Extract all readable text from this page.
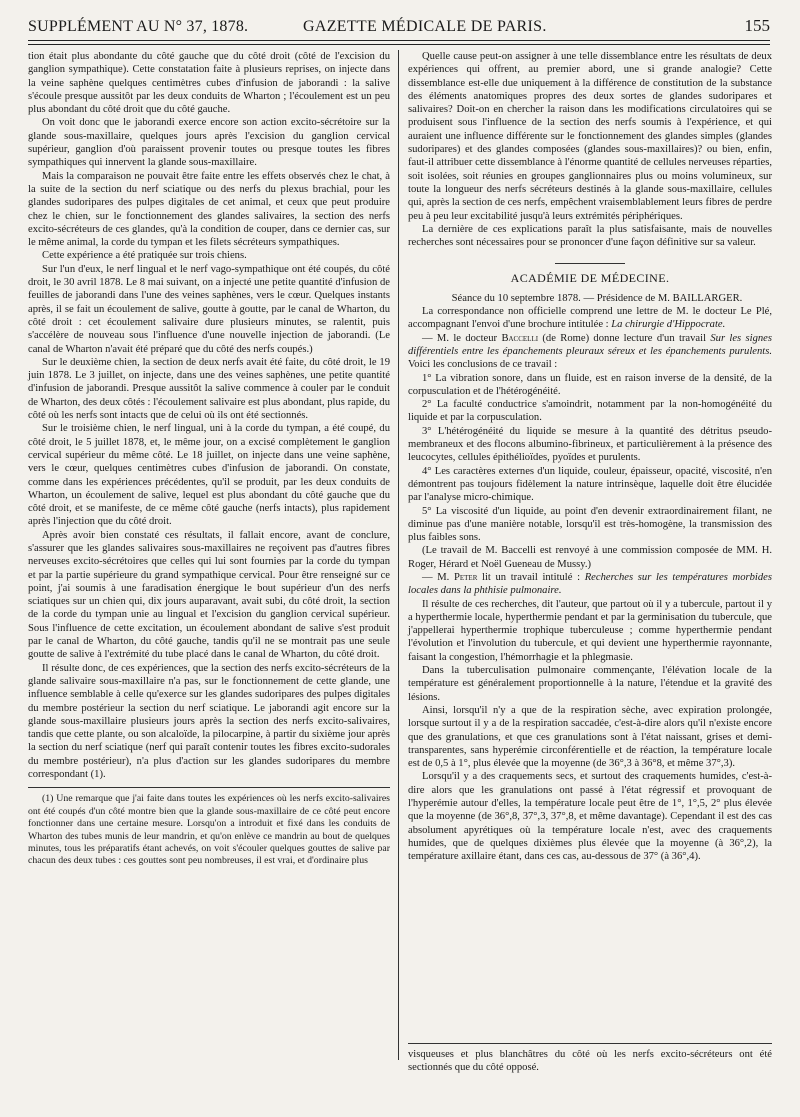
SUPPLÉMENT AU N° 37, 1878.	GAZETTE MÉDICALE DE PARIS.	155

tion était plus abondante du côté gauche que du côté droit (côté de l'excision du ganglion sympathique). Cette constatation faite à plusieurs reprises, on injecte dans la veine saphène quelques centimètres cubes d'infusion de jaborandi : la salive s'écoule presque aussitôt par les deux conduits de Wharton ; l'écoulement est un peu plus abondant du côté droit que du côté gauche.

On voit donc que le jaborandi exerce encore son action excito-sécrétoire sur la glande sous-maxillaire, quelques jours après l'excision du ganglion cervical supérieur, ganglion d'où paraissent provenir toutes ou presque toutes les fibres sympathiques qui innervent la glande sous-maxillaire.

Mais la comparaison ne pouvait être faite entre les effets observés chez le chat, à la suite de la section du nerf sciatique ou des nerfs du plexus brachial, pour les glandes sudoripares des pulpes digitales de cet animal, et ceux que peut produire chez le chien, sur le fonctionnement des glandes salivaires, la section des nerfs excito-sécréteurs de ces glandes, qu'à la condition de couper, dans ce dernier cas, sur le même animal, la corde du tympan et les filets sécréteurs sympathiques.

Cette expérience a été pratiquée sur trois chiens.

Sur l'un d'eux, le nerf lingual et le nerf vago-sympathique ont été coupés, du côté droit, le 30 avril 1878. Le 8 mai suivant, on a injecté une petite quantité d'infusion de feuilles de jaborandi dans l'une des veines saphènes, vers le cœur. Quelques instants après, il se fait un écoulement de salive, goutte à goutte, par le canal de Wharton, du côté droit : cet écoulement salivaire dure plusieurs minutes, se ralentit, puis s'accélère de nouveau sous l'influence d'une nouvelle injection de jaborandi. (Le canal de Wharton n'avait été préparé que du côté des nerfs coupés.)

Sur le deuxième chien, la section de deux nerfs avait été faite, du côté droit, le 19 juin 1878. Le 3 juillet, on injecte, dans une des veines saphènes, une petite quantité d'infusion de jaborandi. Presque aussitôt la salive commence à couler par le conduit de Wharton, des deux côtés : l'écoulement salivaire est plus abondant, plus rapide, du côté où les nerfs sont intacts que de celui où ils ont été sectionnés.

Sur le troisième chien, le nerf lingual, uni à la corde du tympan, a été coupé, du côté droit, le 5 juillet 1878, et, le même jour, on a excisé complètement le ganglion cervical supérieur du même côté. Le 18 juillet, on injecte dans une veine saphène, vers le cœur, quelques centimètres cubes d'infusion de jaborandi. On constate, comme dans les expériences précédentes, qu'il se produit, par les deux conduits de Wharton, un écoulement de salive, lequel est plus abondant du côté gauche que du côté droit, et se manifeste, de ce même côté gauche (nerfs intacts), plus rapidement après l'injection que du côté droit.

Après avoir bien constaté ces résultats, il fallait encore, avant de conclure, s'assurer que les glandes salivaires sous-maxillaires ne reçoivent pas d'autres fibres nerveuses excito-sécrétoires que celles qui lui sont fournies par la corde du tympan et par la partie supérieure du grand sympathique cervical. Pour être renseigné sur ce point, j'ai soumis à une faradisation énergique le bout supérieur d'un des nerfs sciatiques sur un chien qui, dix jours auparavant, avait subi, du côté droit, la section de la corde du tympan unie au lingual et l'excision du ganglion cervical supérieur. Sous l'influence de cette excitation, un écoulement abondant de salive s'est produit par le canal de Wharton, du côté gauche, tandis qu'il ne se montrait pas une seule goutte de salive à l'extrémité du tube placé dans le canal de Wharton, du côté droit.

Il résulte donc, de ces expériences, que la section des nerfs excito-sécréteurs de la glande salivaire sous-maxillaire n'a pas, sur le fonctionnement de cette glande, une influence semblable à celle qu'exerce sur les glandes sudoripares des pulpes digitales du membre postérieur la section du nerf sciatique. Le jaborandi agit encore sur la glande sous-maxillaire plusieurs jours après la section des nerfs excito-salivaires, tandis que cette plante, ou son alcaloïde, la pilocarpine, à partir du sixième jour après la section du nerf sciatique (nerf qui paraît contenir toutes les fibres excito-sudorales du membre postérieur), n'a plus d'action sur les glandes sudoripares du membre correspondant (1).

(1) Une remarque que j'ai faite dans toutes les expériences où les nerfs excito-salivaires ont été coupés d'un côté montre bien que la glande sous-maxillaire de ce côté peut encore fonctionner dans une certaine mesure. Lorsqu'on a introduit et fixé dans les conduits de Wharton des tubes munis de leur mandrin, et qu'on enlève ce mandrin au bout de quelques minutes, tous les préparatifs étant achevés, on voit s'écouler quelques gouttes de salive par chacun des deux tubes : ces gouttes sont peu nombreuses, il est vrai, et d'ordinaire plus

Quelle cause peut-on assigner à une telle dissemblance entre les résultats de deux expériences qui offrent, au premier abord, une si grande analogie? Cette dissemblance est-elle due uniquement à la différence de constitution de la substance des éléments anatomiques propres des deux sortes de glandes sudoripares et salivaires? Doit-on en chercher la raison dans les modifications circulatoires qui se produisent sous l'influence de la section des nerfs soumis à l'expérience, et qui auraient une influence différente sur le fonctionnement des glandes simples (glandes sudoripares) et des glandes composées (glandes sous-maxillaires)? ou bien, enfin, faut-il attribuer cette dissemblance à l'énorme quantité de cellules nerveuses réparties, soit isolées, soit réunies en groupes ganglionnaires plus ou moins volumineux, sur toute la longueur des nerfs sécréteurs destinés à la glande sous-maxillaire, cellules qui, après la section de ces nerfs, empêchent vraisemblablement leurs fibres de perdre peu à peu leur excitabilité jusqu'à leurs extrémités périphériques.

La dernière de ces explications paraît la plus satisfaisante, mais de nouvelles recherches sont nécessaires pour se prononcer d'une façon définitive sur sa valeur.

ACADÉMIE DE MÉDECINE.

Séance du 10 septembre 1878. — Présidence de M. BAILLARGER.

La correspondance non officielle comprend une lettre de M. le docteur Le Plé, accompagnant l'envoi d'une brochure intitulée : La chirurgie d'Hippocrate.

— M. le docteur Baccelli (de Rome) donne lecture d'un travail Sur les signes différentiels entre les épanchements pleuraux séreux et les épanchements purulents. Voici les conclusions de ce travail :

1° La vibration sonore, dans un fluide, est en raison inverse de la densité, de la corpusculation et de l'hétérogénéité.

2° La faculté conductrice s'amoindrit, notamment par la non-homogénéité du liquide et par la corpusculation.

3° L'hétérogénéité du liquide se mesure à la quantité des détritus pseudo-membraneux et des flocons albumino-fibrineux, et particulièrement à la présence des leucocytes, cellules épithélioïdes, pyoïdes et purulents.

4° Les caractères externes d'un liquide, couleur, épaisseur, opacité, viscosité, n'en démontrent pas toujours fidèlement la nature intrinsèque, laquelle doit être élucidée par l'analyse micro-chimique.

5° La viscosité d'un liquide, au point d'en devenir extraordinairement filant, ne diminue pas d'une manière notable, lorsqu'il est très-homogène, la transmission des plus faibles sons.

(Le travail de M. Baccelli est renvoyé à une commission composée de MM. H. Roger, Hérard et Noël Gueneau de Mussy.)

— M. Peter lit un travail intitulé : Recherches sur les températures morbides locales dans la phthisie pulmonaire.

Il résulte de ces recherches, dit l'auteur, que partout où il y a tubercule, partout il y a hyperthermie locale, hyperthermie pendant et par la germinisation du tubercule, que j'appellerai hyperthermie trophique tuberculeuse ; comme hyperthermie pendant l'évolution et l'involution du tubercule, et qui devient une hyperthermie rayonnante, faisant la congestion, l'hémorrhagie et la phlegmasie.

Dans la tuberculisation pulmonaire commençante, l'élévation locale de la température est généralement proportionnelle à la nature, l'étendue et la gravité des lésions.

Ainsi, lorsqu'il n'y a que de la respiration sèche, avec expiration prolongée, lorsque surtout il y a de la respiration saccadée, c'est-à-dire alors qu'il n'existe encore que des granulations, et que ces granulations sont à l'état naissant, grises et demi-transparentes, sans hyperémie circonférentielle et de réaction, la température locale est de 0,5 à 1°, plus élevée que la moyenne (de 36°,3 à 36°8, et même 37°,3).

Lorsqu'il y a des craquements secs, et surtout des craquements humides, c'est-à-dire alors que les granulations ont passé à l'état régressif et provoquant de l'hyperémie autour d'elles, la température locale peut être de 1°, 1°,5, 2° plus élevée que la moyenne (de 36°,8, 37°,3, 37°,8, et même davantage). Cependant il est des cas absolument apyrétiques où la température locale n'est, avec des craquements humides, que de quelques dixièmes plus élevée que la moyenne (à 36°,2), la température axillaire étant, dans ces cas, au-dessous de 37° (à 36°,4).

visqueuses et plus blanchâtres du côté où les nerfs excito-sécréteurs ont été sectionnés que du côté opposé.
